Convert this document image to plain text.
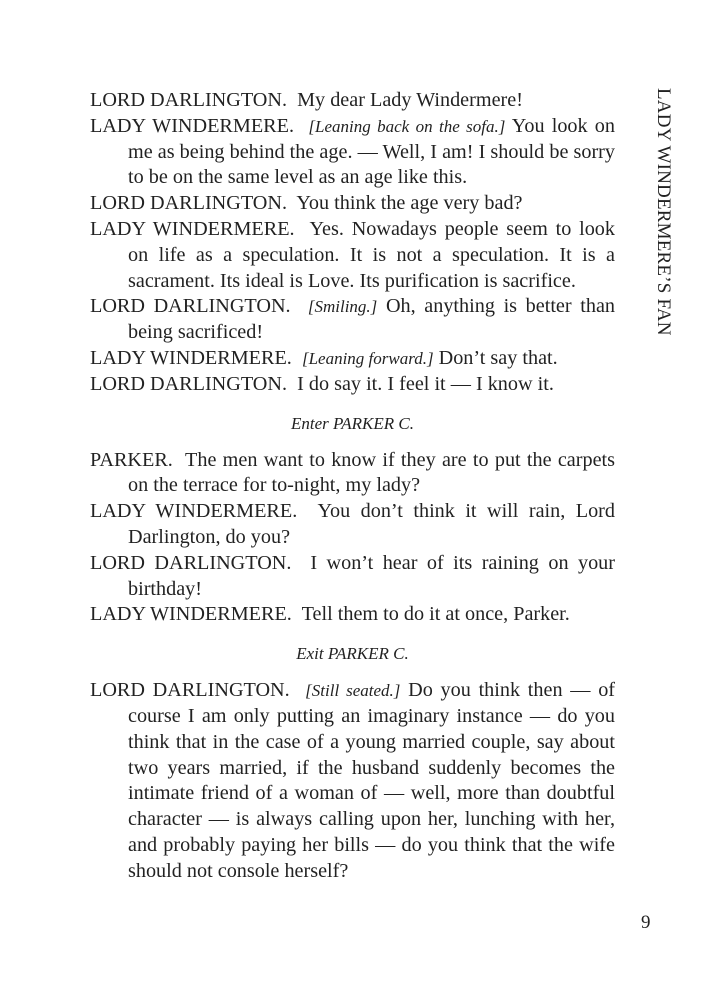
LADY WINDERMERE’S FAN

LORD DARLINGTON. My dear Lady Windermere!

LADY WINDERMERE. [Leaning back on the sofa.] You look on me as being behind the age. — Well, I am! I should be sorry to be on the same level as an age like this.

LORD DARLINGTON. You think the age very bad?

LADY WINDERMERE. Yes. Nowadays people seem to look on life as a speculation. It is not a speculation. It is a sacrament. Its ideal is Love. Its purification is sacrifice.

LORD DARLINGTON. [Smiling.] Oh, anything is better than being sacrificed!

LADY WINDERMERE. [Leaning forward.] Don’t say that.

LORD DARLINGTON. I do say it. I feel it — I know it.

Enter PARKER C.

PARKER. The men want to know if they are to put the carpets on the terrace for to-night, my lady?

LADY WINDERMERE. You don’t think it will rain, Lord Darlington, do you?

LORD DARLINGTON. I won’t hear of its raining on your birthday!

LADY WINDERMERE. Tell them to do it at once, Parker.

Exit PARKER C.

LORD DARLINGTON. [Still seated.] Do you think then — of course I am only putting an imaginary instance — do you think that in the case of a young married couple, say about two years married, if the husband suddenly becomes the intimate friend of a woman of — well, more than doubtful character — is always calling upon her, lunching with her, and probably paying her bills — do you think that the wife should not console herself?

9
